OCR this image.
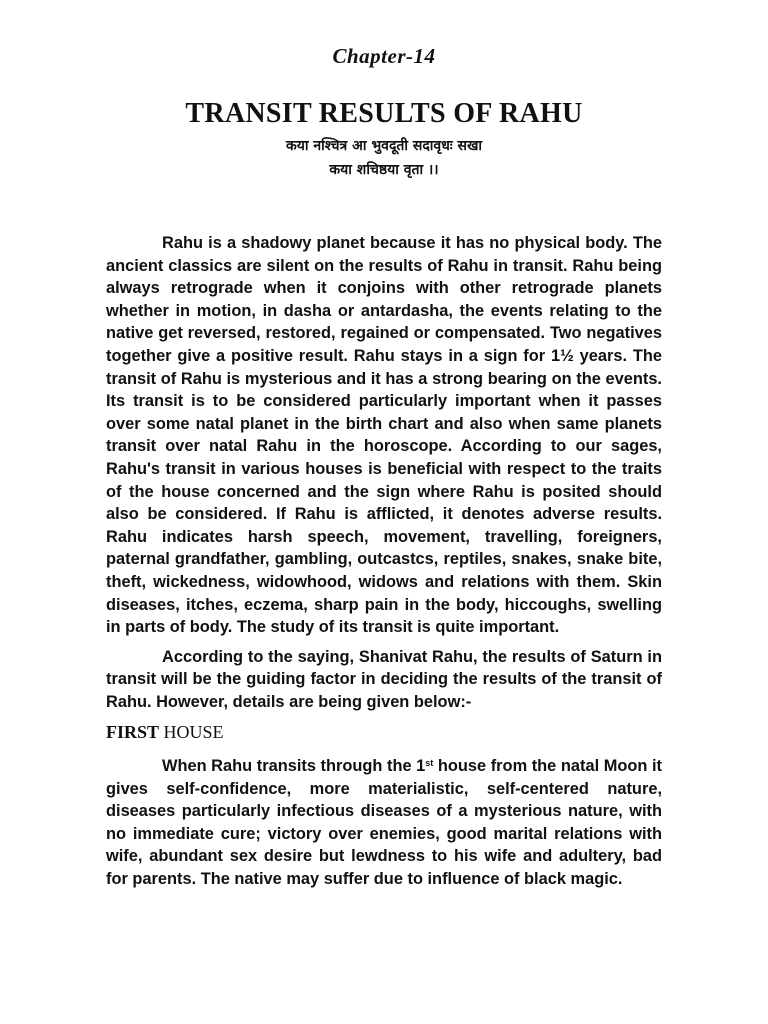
Chapter-14
TRANSIT RESULTS OF RAHU
कया नश्चित्र आ भुवदूती सदावृधः सखा
कया शचिष्ठया वृता ।।

Rahu is a shadowy planet because it has no physical body. The ancient classics are silent on the results of Rahu in transit. Rahu being always retrograde when it conjoins with other retrograde planets whether in motion, in dasha or antardasha, the events relating to the native get reversed, restored, regained or compensated. Two negatives together give a positive result. Rahu stays in a sign for 1½ years. The transit of Rahu is mysterious and it has a strong bearing on the events. Its transit is to be considered particularly important when it passes over some natal planet in the birth chart and also when same planets transit over natal Rahu in the horoscope. According to our sages, Rahu's transit in various houses is beneficial with respect to the traits of the house concerned and the sign where Rahu is posited should also be considered. If Rahu is afflicted, it denotes adverse results. Rahu indicates harsh speech, movement, travelling, foreigners, paternal grandfather, gambling, outcastcs, reptiles, snakes, snake bite, theft, wickedness, widowhood, widows and relations with them. Skin diseases, itches, eczema, sharp pain in the body, hiccoughs, swelling in parts of body. The study of its transit is quite important.

According to the saying, Shanivat Rahu, the results of Saturn in transit will be the guiding factor in deciding the results of the transit of Rahu. However, details are being given below:-

FIRST HOUSE

When Rahu transits through the 1st house from the natal Moon it gives self-confidence, more materialistic, self-centered nature, diseases particularly infectious diseases of a mysterious nature, with no immediate cure; victory over enemies, good marital relations with wife, abundant sex desire but lewdness to his wife and adultery, bad for parents. The native may suffer due to influence of black magic.
